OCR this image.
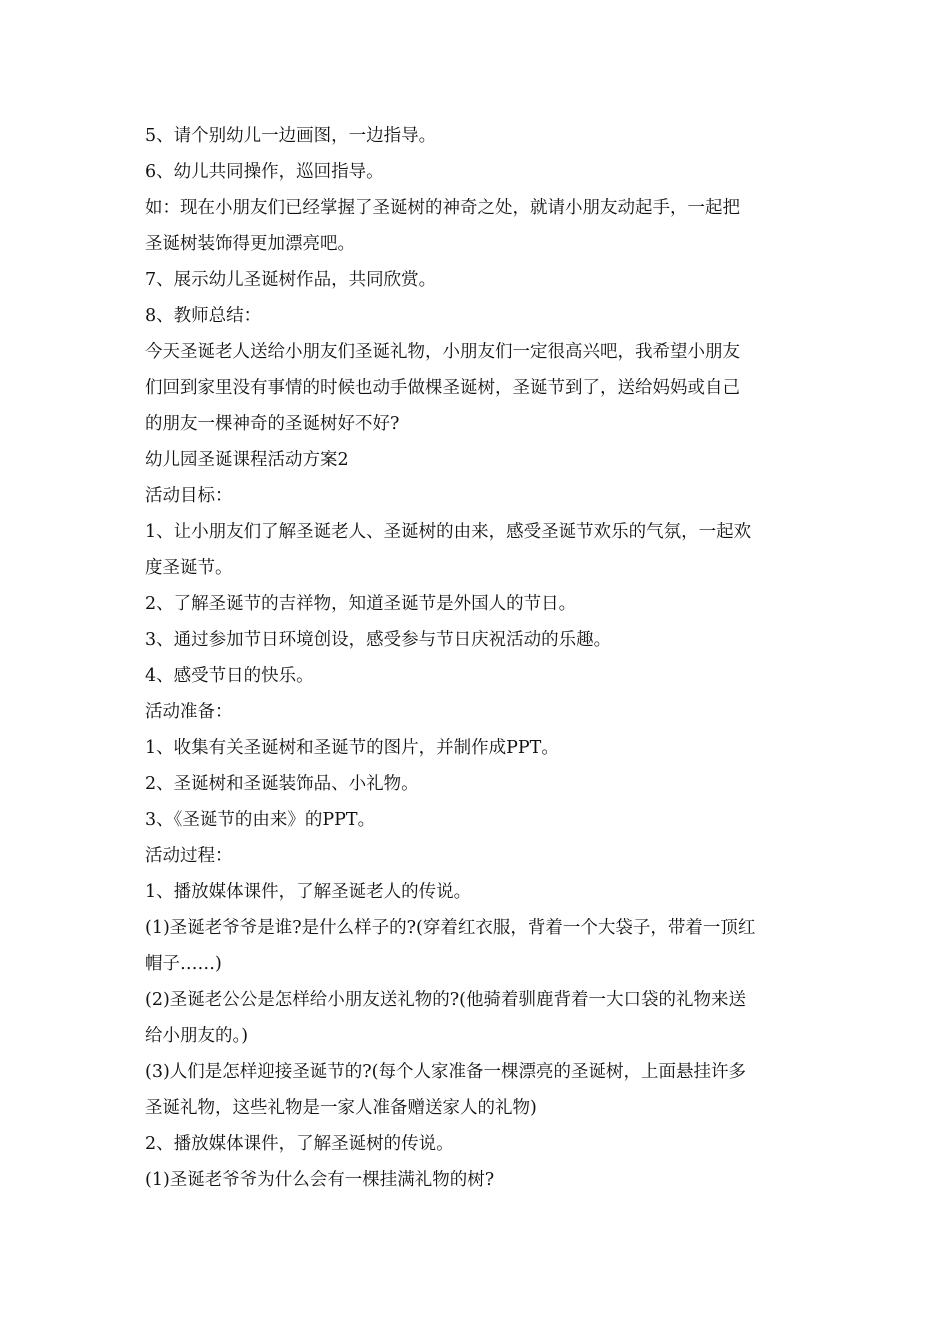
5、请个别幼儿一边画图，一边指导。
6、幼儿共同操作，巡回指导。
如：现在小朋友们已经掌握了圣诞树的神奇之处，就请小朋友动起手，一起把
圣诞树装饰得更加漂亮吧。
7、展示幼儿圣诞树作品，共同欣赏。
8、教师总结：
今天圣诞老人送给小朋友们圣诞礼物，小朋友们一定很高兴吧，我希望小朋友
们回到家里没有事情的时候也动手做棵圣诞树，圣诞节到了，送给妈妈或自己
的朋友一棵神奇的圣诞树好不好?
幼儿园圣诞课程活动方案2
活动目标：
1、让小朋友们了解圣诞老人、圣诞树的由来，感受圣诞节欢乐的气氛，一起欢
度圣诞节。
2、了解圣诞节的吉祥物，知道圣诞节是外国人的节日。
3、通过参加节日环境创设，感受参与节日庆祝活动的乐趣。
4、感受节日的快乐。
活动准备：
1、收集有关圣诞树和圣诞节的图片，并制作成PPT。
2、圣诞树和圣诞装饰品、小礼物。
3、《圣诞节的由来》的PPT。
活动过程：
1、播放媒体课件，了解圣诞老人的传说。
(1)圣诞老爷爷是谁?是什么样子的?(穿着红衣服，背着一个大袋子，带着一顶红
帽子……)
(2)圣诞老公公是怎样给小朋友送礼物的?(他骑着驯鹿背着一大口袋的礼物来送
给小朋友的。)
(3)人们是怎样迎接圣诞节的?(每个人家准备一棵漂亮的圣诞树，上面悬挂许多
圣诞礼物，这些礼物是一家人准备赠送家人的礼物)
2、播放媒体课件，了解圣诞树的传说。
(1)圣诞老爷爷为什么会有一棵挂满礼物的树?
